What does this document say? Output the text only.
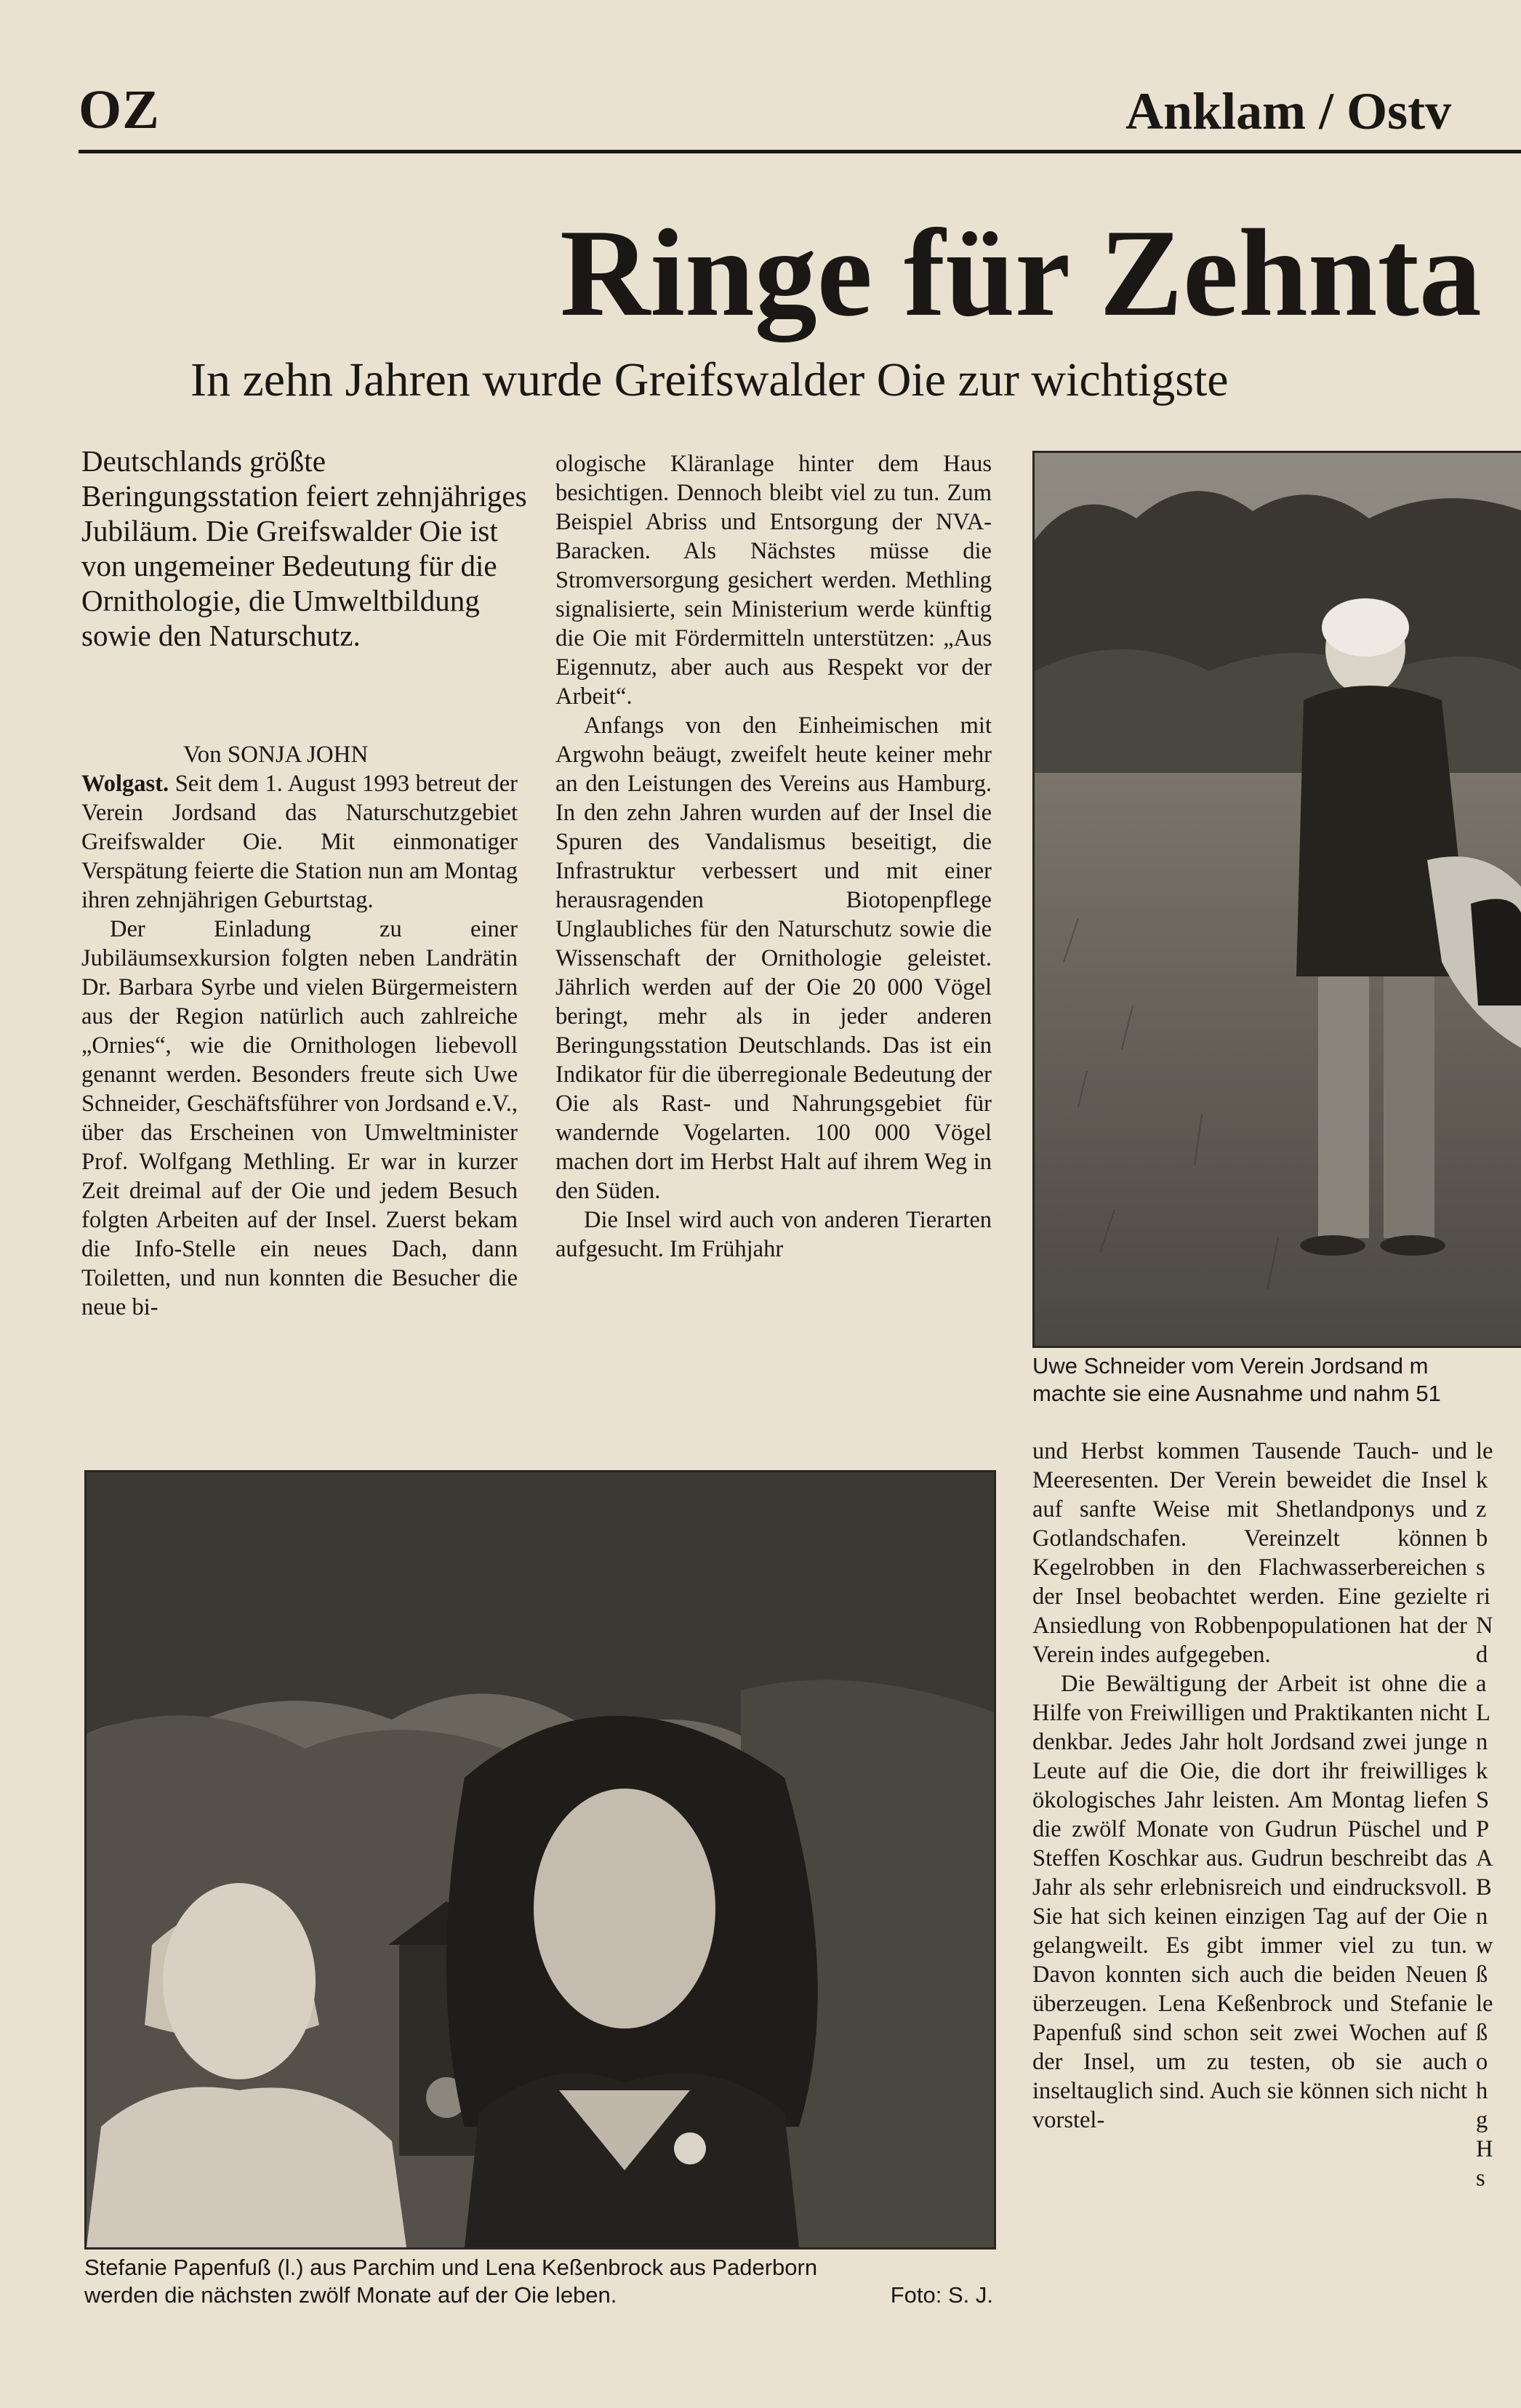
OZ	Anklam / Ostv
Ringe für Zehnta
In zehn Jahren wurde Greifswalder Oie zur wichtigste

Deutschlands größte Beringungsstation feiert zehnjähriges Jubiläum. Die Greifswalder Oie ist von ungemeiner Bedeutung für die Ornithologie, die Umweltbildung sowie den Naturschutz.

Von SONJA JOHN

Wolgast. Seit dem 1. August 1993 betreut der Verein Jordsand das Naturschutzgebiet Greifswalder Oie. Mit einmonatiger Verspätung feierte die Station nun am Montag ihren zehnjährigen Geburtstag.

Der Einladung zu einer Jubiläumsexkursion folgten neben Landrätin Dr. Barbara Syrbe und vielen Bürgermeistern aus der Region natürlich auch zahlreiche „Ornies“, wie die Ornithologen liebevoll genannt werden. Besonders freute sich Uwe Schneider, Geschäftsführer von Jordsand e.V., über das Erscheinen von Umweltminister Prof. Wolfgang Methling. Er war in kurzer Zeit dreimal auf der Oie und jedem Besuch folgten Arbeiten auf der Insel. Zuerst bekam die Info-Stelle ein neues Dach, dann Toiletten, und nun konnten die Besucher die neue bi-

ologische Kläranlage hinter dem Haus besichtigen. Dennoch bleibt viel zu tun. Zum Beispiel Abriss und Entsorgung der NVA-Baracken. Als Nächstes müsse die Stromversorgung gesichert werden. Methling signalisierte, sein Ministerium werde künftig die Oie mit Fördermitteln unterstützen: „Aus Eigennutz, aber auch aus Respekt vor der Arbeit“.

Anfangs von den Einheimischen mit Argwohn beäugt, zweifelt heute keiner mehr an den Leistungen des Vereins aus Hamburg. In den zehn Jahren wurden auf der Insel die Spuren des Vandalismus beseitigt, die Infrastruktur verbessert und mit einer herausragenden Biotopenpflege Unglaubliches für den Naturschutz sowie die Wissenschaft der Ornithologie geleistet. Jährlich werden auf der Oie 20 000 Vögel beringt, mehr als in jeder anderen Beringungsstation Deutschlands. Das ist ein Indikator für die überregionale Bedeutung der Oie als Rast- und Nahrungsgebiet für wandernde Vogelarten. 100 000 Vögel machen dort im Herbst Halt auf ihrem Weg in den Süden.

Die Insel wird auch von anderen Tierarten aufgesucht. Im Frühjahr

Uwe Schneider vom Verein Jordsand m
machte sie eine Ausnahme und nahm 51
Stefanie Papenfuß (l.) aus Parchim und Lena Keßenbrock aus Paderborn
werden die nächsten zwölf Monate auf der Oie leben.	Foto: S. J.

und Herbst kommen Tausende Tauch- und Meeresenten. Der Verein beweidet die Insel auf sanfte Weise mit Shetlandponys und Gotlandschafen. Vereinzelt können Kegelrobben in den Flachwasserbereichen der Insel beobachtet werden. Eine gezielte Ansiedlung von Robbenpopulationen hat der Verein indes aufgegeben.

Die Bewältigung der Arbeit ist ohne die Hilfe von Freiwilligen und Praktikanten nicht denkbar. Jedes Jahr holt Jordsand zwei junge Leute auf die Oie, die dort ihr freiwilliges ökologisches Jahr leisten. Am Montag liefen die zwölf Monate von Gudrun Püschel und Steffen Koschkar aus. Gudrun beschreibt das Jahr als sehr erlebnisreich und eindrucksvoll. Sie hat sich keinen einzigen Tag auf der Oie gelangweilt. Es gibt immer viel zu tun. Davon konnten sich auch die beiden Neuen überzeugen. Lena Keßenbrock und Stefanie Papenfuß sind schon seit zwei Wochen auf der Insel, um zu testen, ob sie auch inseltauglich sind. Auch sie können sich nicht vorstel-

le
k
z
b
s
ri
N
d
a
L
n
k
S
P
A
B
n
w
ß
le
ß
o
h
g
H
s
